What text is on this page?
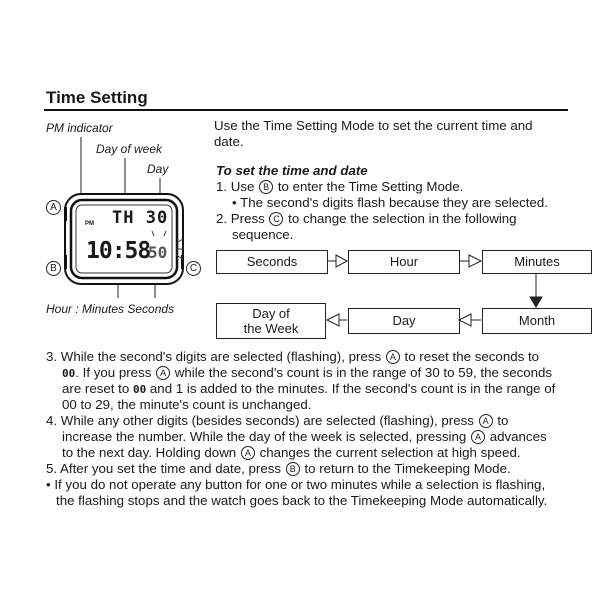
Time Setting
PM indicator
Day of week
Day
Hour : Minutes Seconds
PM TH 30
10:58
50
A
B	C
Use the Time Setting Mode to set the current time and
date.
To set the time and date
1. Use B to enter the Time Setting Mode.
• The second's digits flash because they are selected.
2. Press C to change the selection in the following
sequence.
Seconds	Hour	Minutes
Month
Day
Day of
the Week
3. While the second's digits are selected (flashing), press A to reset the seconds to
00. If you press A while the second's count is in the range of 30 to 59, the seconds
are reset to 00 and 1 is added to the minutes. If the second's count is in the range of
00 to 29, the minute's count is unchanged.
4. While any other digits (besides seconds) are selected (flashing), press A to
increase the number. While the day of the week is selected, pressing A advances
to the next day. Holding down A changes the current selection at high speed.
5. After you set the time and date, press B to return to the Timekeeping Mode.
• If you do not operate any button for one or two minutes while a selection is flashing,
the flashing stops and the watch goes back to the Timekeeping Mode automatically.
